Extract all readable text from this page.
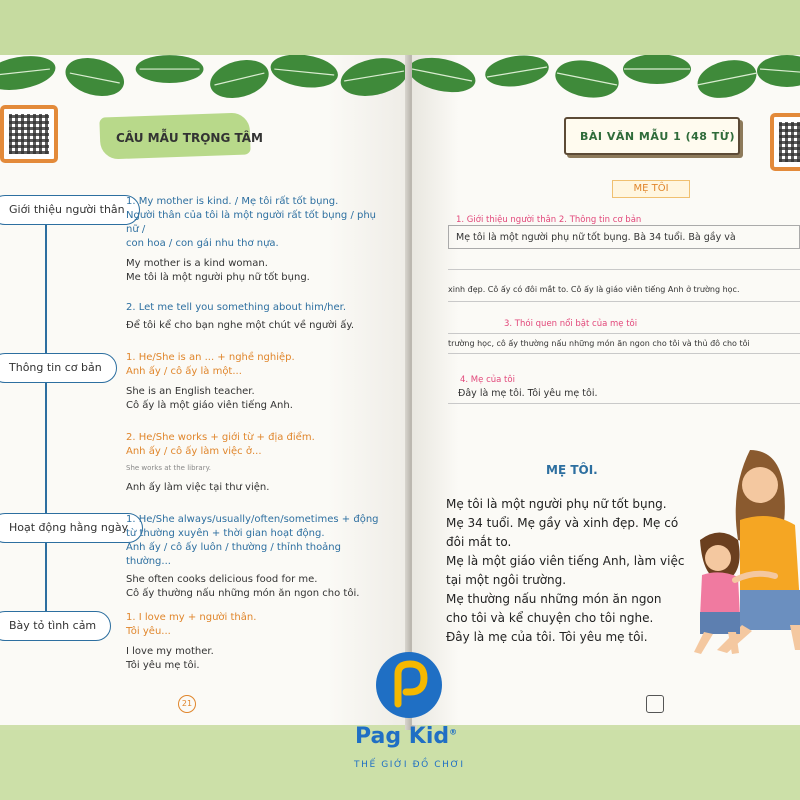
CÂU MẪU TRỌNG TÂM
Giới thiệu người thân
Thông tin cơ bản
Hoạt động hằng ngày
Bày tỏ tình cảm
1. My mother is kind. / Mẹ tôi rất tốt bụng.
Người thân của tôi là một người rất tốt bụng / phụ nữ /
con hoa / con gái nhu thơ nựa.
My mother is a kind woman.
Me tôi là một người phụ nữ tốt bụng.
2. Let me tell you something about him/her.
Để tôi kể cho bạn nghe một chút về người ấy.
1. He/She is an ... + nghề nghiệp.
Anh ấy / cô ấy là một...
She is an English teacher.
Cô ấy là một giáo viên tiếng Anh.
2. He/She works + giới từ + địa điểm.
Anh ấy / cô ấy làm việc ở...
She works at the library.
Anh ấy làm việc tại thư viện.
1. He/She always/usually/often/sometimes + động
từ thường xuyên + thời gian hoạt động.
Anh ấy / cô ấy luôn / thường / thỉnh thoảng thường...
She often cooks delicious food for me.
Cô ấy thường nấu những món ăn ngon cho tôi.
1. I love my + người thân.
Tôi yêu...
I love my mother.
Tôi yêu mẹ tôi.
21
BÀI VĂN MẪU 1 (48 TỪ)
MẸ TÔI
1. Giới thiệu người thân 2. Thông tin cơ bản
Mẹ tôi là một người phụ nữ tốt bụng. Bà 34 tuổi. Bà gầy và
xinh đẹp. Cô ấy có đôi mắt to. Cô ấy là giáo viên tiếng Anh ở trường học.
3. Thói quen nổi bật của mẹ tôi
trường học, cô ấy thường nấu những món ăn ngon cho tôi và thủ đô cho tôi
4. Mẹ của tôi
Đây là mẹ tôi. Tôi yêu mẹ tôi.
MẸ TÔI.
Mẹ tôi là một người phụ nữ tốt bụng.
Mẹ 34 tuổi. Mẹ gầy và xinh đẹp. Mẹ có
đôi mắt to.
Mẹ là một giáo viên tiếng Anh, làm việc
tại một ngôi trường.
Mẹ thường nấu những món ăn ngon
cho tôi và kể chuyện cho tôi nghe.
Đây là mẹ của tôi. Tôi yêu mẹ tôi.
Pag Kid®
THẾ GIỚI ĐỒ CHƠI
